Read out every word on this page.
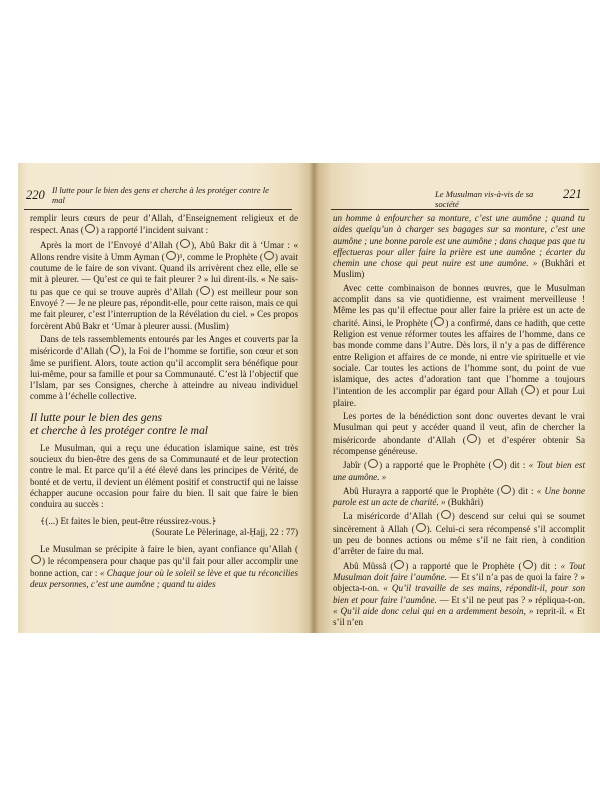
220 Il lutte pour le bien des gens et cherche à les protéger contre le mal

remplir leurs cœurs de peur d’Allah, d’Enseignement religieux et de respect. Anas ( ) a rapporté l’incident suivant :

Après la mort de l’Envoyé d’Allah ( ), Abû Bakr dit à ‘Umar : « Allons rendre visite à Umm Ayman ( )¹, comme le Prophète ( ) avait coutume de le faire de son vivant. Quand ils arrivèrent chez elle, elle se mit à pleurer. — Qu’est ce qui te fait pleurer ? » lui dirent-ils. « Ne sais-tu pas que ce qui se trouve auprès d’Allah ( ) est meilleur pour son Envoyé ? — Je ne pleure pas, répondit-elle, pour cette raison, mais ce qui me fait pleurer, c’est l’interruption de la Révélation du ciel. » Ces propos forcèrent Abû Bakr et ‘Umar à pleurer aussi. (Muslim)

Dans de tels rassemblements entourés par les Anges et couverts par la miséricorde d’Allah ( ), la Foi de l’homme se fortifie, son cœur et son âme se purifient. Alors, toute action qu’il accomplit sera bénéfique pour lui-même, pour sa famille et pour sa Communauté. C’est là l’objectif que l’Islam, par ses Consignes, cherche à atteindre au niveau individuel comme à l’échelle collective.

Il lutte pour le bien des gens
et cherche à les protéger contre le mal

Le Musulman, qui a reçu une éducation islamique saine, est très soucieux du bien-être des gens de sa Communauté et de leur protection contre le mal. Et parce qu’il a été élevé dans les principes de Vérité, de bonté et de vertu, il devient un élément positif et constructif qui ne laisse échapper aucune occasion pour faire du bien. Il sait que faire le bien conduira au succès :

﴾(...) Et faites le bien, peut-être réussirez-vous.﴿
(Sourate Le Pèlerinage, al-Ḥajj, 22 : 77)

Le Musulman se précipite à faire le bien, ayant confiance qu’Allah () le récompensera pour chaque pas qu’il fait pour aller accomplir une bonne action, car : « Chaque jour où le soleil se lève et que tu réconcilies deux personnes, c’est une aumône ; quand tu aides

Le Musulman vis-à-vis de sa société
221

un homme à enfourcher sa monture, c’est une aumône ; quand tu aides quelqu’un à charger ses bagages sur sa monture, c’est une aumône ; une bonne parole est une aumône ; dans chaque pas que tu effectueras pour aller faire la prière est une aumône ; écarter du chemin une chose qui peut nuire est une aumône. » (Bukhâri et Muslim)

Avec cette combinaison de bonnes œuvres, que le Musulman accomplit dans sa vie quotidienne, est vraiment merveilleuse ! Même les pas qu’il effectue pour aller faire la prière est un acte de charité. Ainsi, le Prophète ( ) a confirmé, dans ce hadith, que cette Religion est venue réformer toutes les affaires de l’homme, dans ce bas monde comme dans l’Autre. Dès lors, il n’y a pas de différence entre Religion et affaires de ce monde, ni entre vie spirituelle et vie sociale. Car toutes les actions de l’homme sont, du point de vue islamique, des actes d’adoration tant que l’homme a toujours l’intention de les accomplir par égard pour Allah ( ) et pour Lui plaire.

Les portes de la bénédiction sont donc ouvertes devant le vrai Musulman qui peut y accéder quand il veut, afin de chercher la miséricorde abondante d’Allah ( ) et d’espérer obtenir Sa récompense généreuse.

Jabîr ( ) a rapporté que le Prophète ( ) dit : « Tout bien est une aumône. »

Abû Hurayra a rapporté que le Prophète ( ) dit : « Une bonne parole est un acte de charité. » (Bukhâri)

La miséricorde d’Allah ( ) descend sur celui qui se soumet sincèrement à Allah ( ). Celui-ci sera récompensé s’il accomplit un peu de bonnes actions ou même s’il ne fait rien, à condition d’arrêter de faire du mal.

Abû Mûssâ ( ) a rapporté que le Prophète ( ) dit : « Tout Musulman doit faire l’aumône. — Et s’il n’a pas de quoi la faire ? » objecta-t-on. « Qu’il travaille de ses mains, répondit-il, pour son bien et pour faire l’aumône. — Et s’il ne peut pas ? » répliqua-t-on. « Qu’il aide donc celui qui en a ardemment besoin, » reprit-il. « Et s’il n’en
